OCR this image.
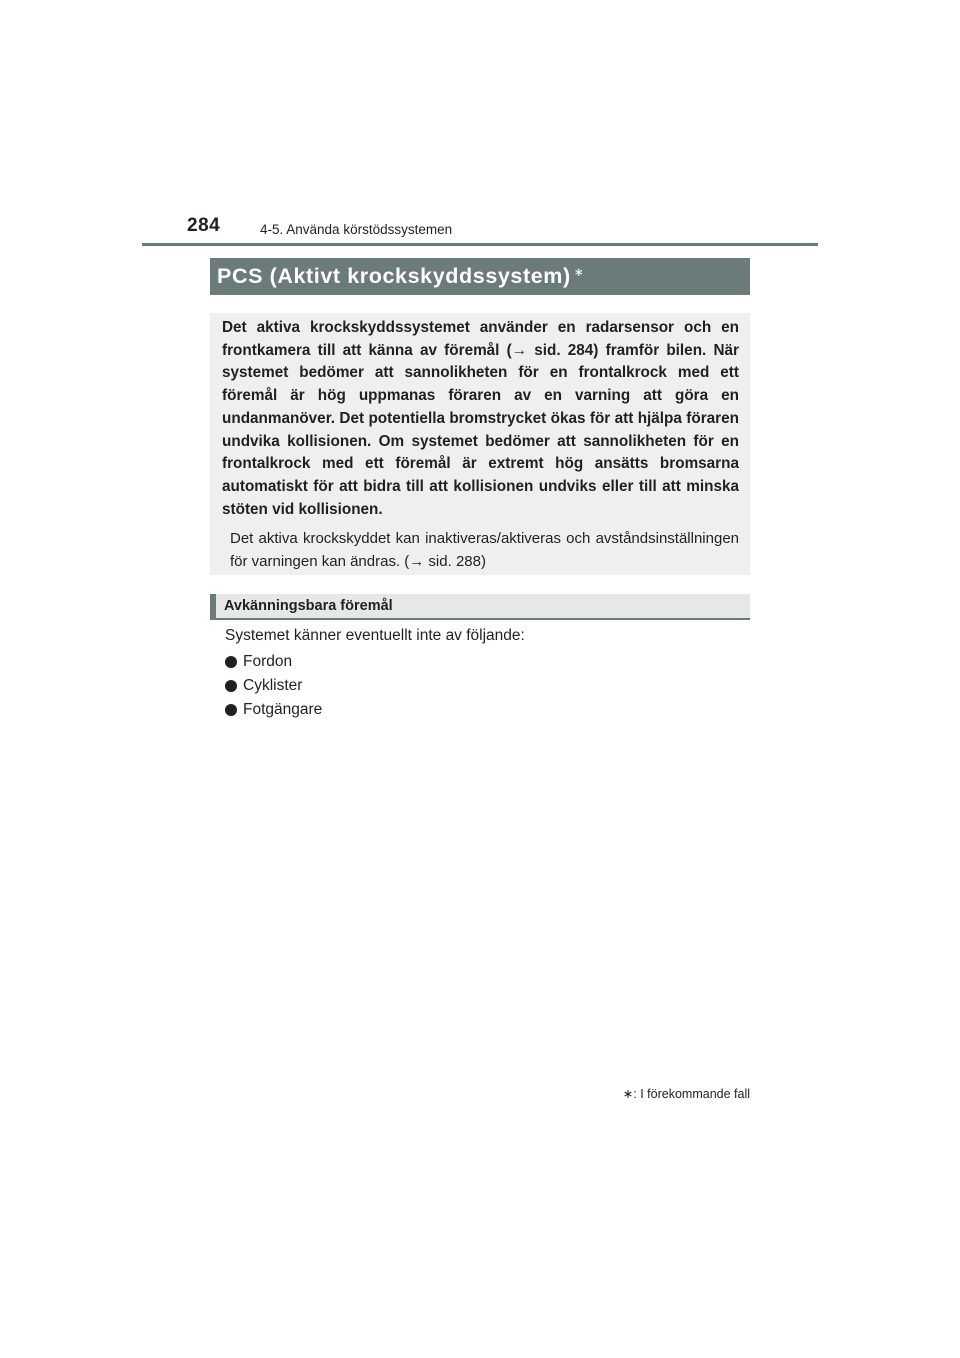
284	4-5. Använda körstödssystemen
PCS (Aktivt krockskyddssystem) ∗

Det aktiva krockskyddssystemet använder en radarsensor och en frontkamera till att känna av föremål (→ sid. 284) framför bilen. När systemet bedömer att sannolikheten för en frontalkrock med ett föremål är hög uppmanas föraren av en varning att göra en undanmanöver. Det potentiella bromstrycket ökas för att hjälpa föraren undvika kollisionen. Om systemet bedömer att sannolikheten för en frontalkrock med ett föremål är extremt hög ansätts bromsarna automatiskt för att bidra till att kollisionen undviks eller till att minska stöten vid kollisionen.

Det aktiva krockskyddet kan inaktiveras/aktiveras och avståndsinställningen för varningen kan ändras. (→ sid. 288)

Avkänningsbara föremål
Systemet känner eventuellt inte av följande:
Fordon
Cyklister
Fotgängare
∗: I förekommande fall
